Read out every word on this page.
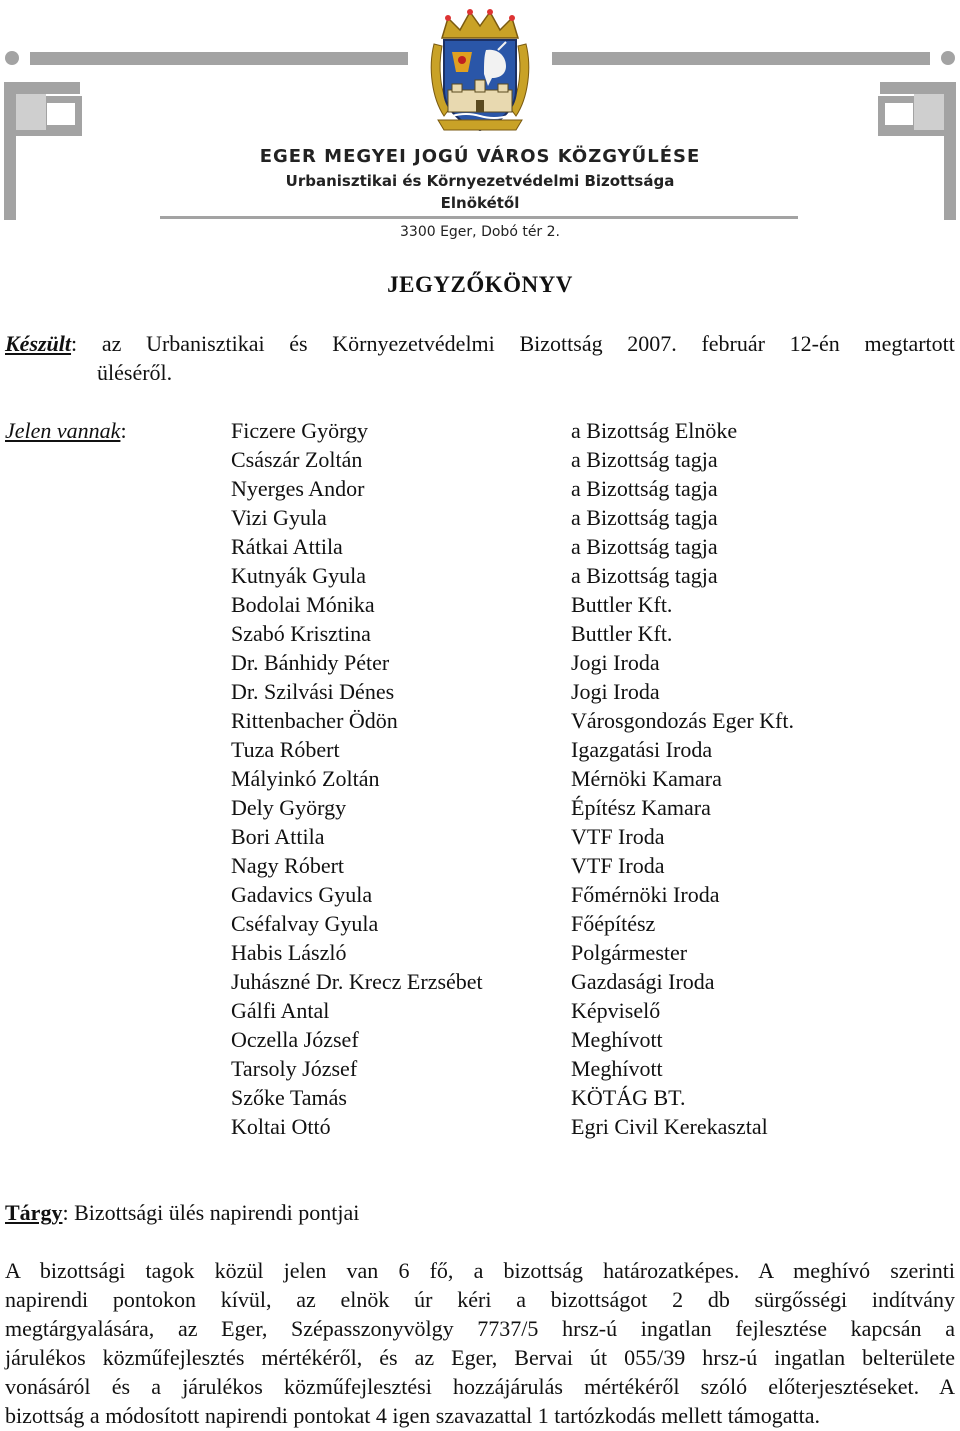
EGER MEGYEI JOGÚ VÁROS KÖZGYŰLÉSE
Urbanisztikai és Környezetvédelmi Bizottsága
Elnökétől
3300 Eger, Dobó tér 2.
JEGYZŐKÖNYV
Készült: az Urbanisztikai és Környezetvédelmi Bizottság 2007. február 12-én megtartott
üléséről.
Jelen vannak:	Ficzere György	a Bizottság Elnöke
Császár Zoltán	a Bizottság tagja
Nyerges Andor	a Bizottság tagja
Vizi Gyula	a Bizottság tagja
Rátkai Attila	a Bizottság tagja
Kutnyák Gyula	a Bizottság tagja
Bodolai Mónika	Buttler Kft.
Szabó Krisztina	Buttler Kft.
Dr. Bánhidy Péter	Jogi Iroda
Dr. Szilvási Dénes	Jogi Iroda
Rittenbacher Ödön	Városgondozás Eger Kft.
Tuza Róbert	Igazgatási Iroda
Mályinkó Zoltán	Mérnöki Kamara
Dely György	Építész Kamara
Bori Attila	VTF Iroda
Nagy Róbert	VTF Iroda
Gadavics Gyula	Főmérnöki Iroda
Cséfalvay Gyula	Főépítész
Habis László	Polgármester
Juhászné Dr. Krecz Erzsébet	Gazdasági Iroda
Gálfi Antal	Képviselő
Oczella József	Meghívott
Tarsoly József	Meghívott
Szőke Tamás	KÖTÁG BT.
Koltai Ottó	Egri Civil Kerekasztal
Tárgy: Bizottsági ülés napirendi pontjai
A bizottsági tagok közül jelen van 6 fő, a bizottság határozatképes. A meghívó szerinti
napirendi pontokon kívül, az elnök úr kéri a bizottságot 2 db sürgősségi indítvány
megtárgyalására, az Eger, Szépasszonyvölgy 7737/5 hrsz-ú ingatlan fejlesztése kapcsán a
járulékos közműfejlesztés mértékéről, és az Eger, Bervai út 055/39 hrsz-ú ingatlan belterülete
vonásáról és a járulékos közműfejlesztési hozzájárulás mértékéről szóló előterjesztéseket. A
bizottság a módosított napirendi pontokat 4 igen szavazattal 1 tartózkodás mellett támogatta.
